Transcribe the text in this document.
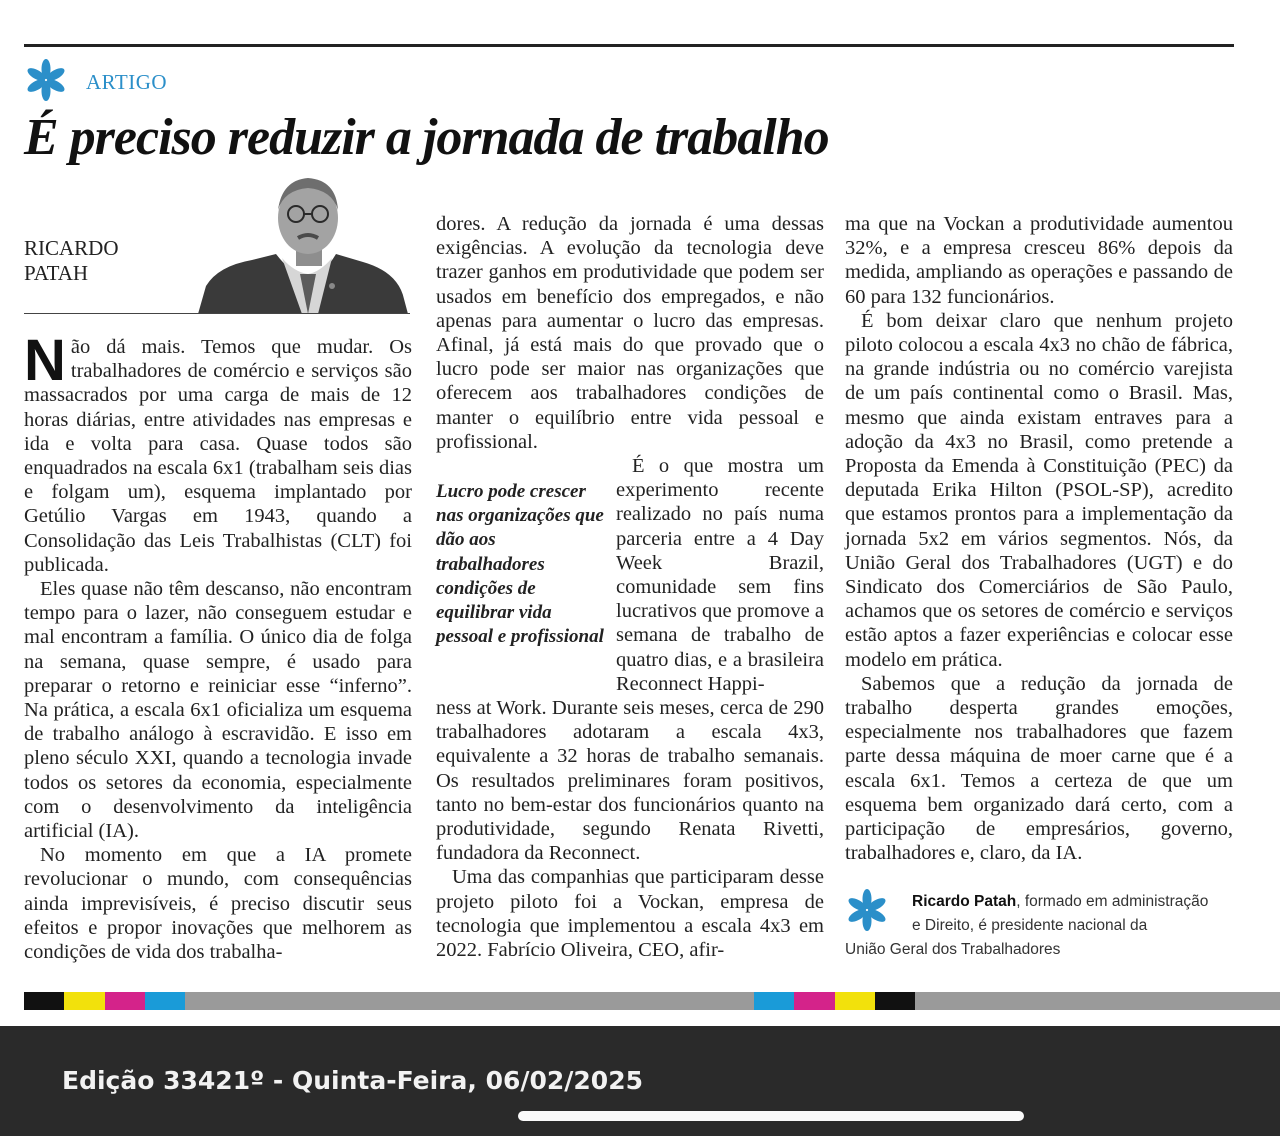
ARTIGO
É preciso reduzir a jornada de trabalho
RICARDO
PATAH

Não dá mais. Temos que mudar. Os trabalhadores de comércio e serviços são massacrados por uma carga de mais de 12 horas diárias, entre atividades nas empresas e ida e volta para casa. Quase todos são enquadrados na escala 6x1 (trabalham seis dias e folgam um), esquema implantado por Getúlio Vargas em 1943, quando a Consolidação das Leis Trabalhistas (CLT) foi publicada.

Eles quase não têm descanso, não encontram tempo para o lazer, não conseguem estudar e mal encontram a família. O único dia de folga na semana, quase sempre, é usado para preparar o retorno e reiniciar esse “inferno”. Na prática, a escala 6x1 oficializa um esquema de trabalho análogo à escravidão. E isso em pleno século XXI, quando a tecnologia invade todos os setores da economia, especialmente com o desenvolvimento da inteligência artificial (IA).

No momento em que a IA promete revolucionar o mundo, com consequências ainda imprevisíveis, é preciso discutir seus efeitos e propor inovações que melhorem as condições de vida dos trabalha-

dores. A redução da jornada é uma dessas exigências. A evolução da tecnologia deve trazer ganhos em produtividade que podem ser usados em benefício dos empregados, e não apenas para aumentar o lucro das empresas. Afinal, já está mais do que provado que o lucro pode ser maior nas organizações que oferecem aos trabalhadores condições de manter o equilíbrio entre vida pessoal e profissional.

Lucro pode crescer nas organizações que dão aos trabalhadores condições de equilibrar vida pessoal e profissional

É o que mostra um experimento recente realizado no país numa parceria entre a 4 Day Week Brazil, comunidade sem fins lucrativos que promove a semana de trabalho de quatro dias, e a brasileira Reconnect Happi-

ness at Work. Durante seis meses, cerca de 290 trabalhadores adotaram a escala 4x3, equivalente a 32 horas de trabalho semanais. Os resultados preliminares foram positivos, tanto no bem-estar dos funcionários quanto na produtividade, segundo Renata Rivetti, fundadora da Reconnect.

Uma das companhias que participaram desse projeto piloto foi a Vockan, empresa de tecnologia que implementou a escala 4x3 em 2022. Fabrício Oliveira, CEO, afir-

ma que na Vockan a produtividade aumentou 32%, e a empresa cresceu 86% depois da medida, ampliando as operações e passando de 60 para 132 funcionários.

É bom deixar claro que nenhum projeto piloto colocou a escala 4x3 no chão de fábrica, na grande indústria ou no comércio varejista de um país continental como o Brasil. Mas, mesmo que ainda existam entraves para a adoção da 4x3 no Brasil, como pretende a Proposta da Emenda à Constituição (PEC) da deputada Erika Hilton (PSOL-SP), acredito que estamos prontos para a implementação da jornada 5x2 em vários segmentos. Nós, da União Geral dos Trabalhadores (UGT) e do Sindicato dos Comerciários de São Paulo, achamos que os setores de comércio e serviços estão aptos a fazer experiências e colocar esse modelo em prática.

Sabemos que a redução da jornada de trabalho desperta grandes emoções, especialmente nos trabalhadores que fazem parte dessa máquina de moer carne que é a escala 6x1. Temos a certeza de que um esquema bem organizado dará certo, com a participação de empresários, governo, trabalhadores e, claro, da IA.

Ricardo Patah, formado em administração
e Direito, é presidente nacional da
União Geral dos Trabalhadores
Edição 33421º - Quinta-Feira, 06/02/2025
